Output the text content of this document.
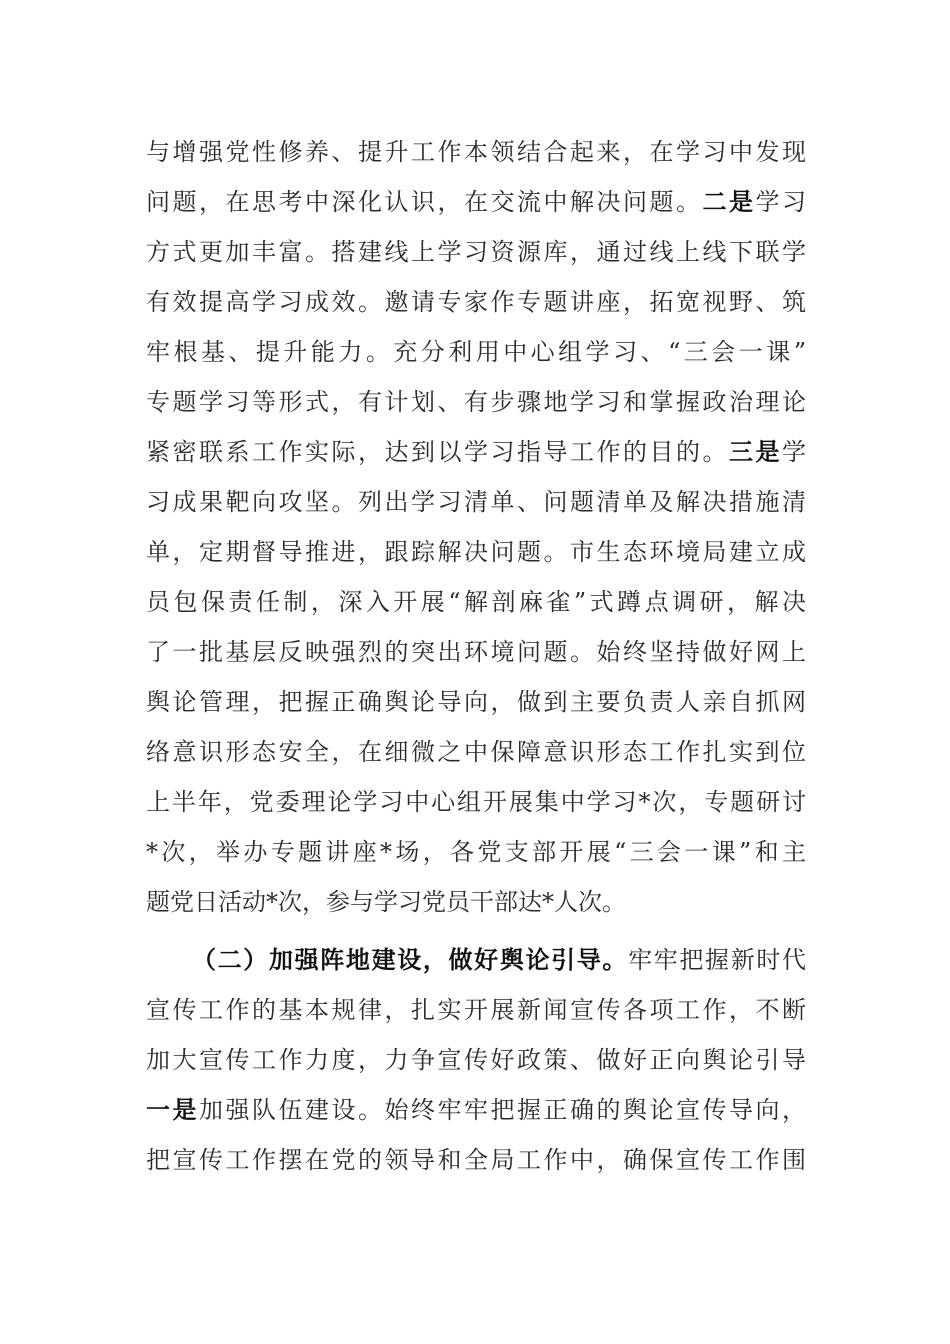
与增强党性修养、提升工作本领结合起来，在学习中发现
问题，在思考中深化认识，在交流中解决问题。二是学习
方式更加丰富。搭建线上学习资源库，通过线上线下联学
有效提高学习成效。邀请专家作专题讲座，拓宽视野、筑
牢根基、提升能力。充分利用中心组学习、“三会一课”
专题学习等形式，有计划、有步骤地学习和掌握政治理论
紧密联系工作实际，达到以学习指导工作的目的。三是学
习成果靶向攻坚。列出学习清单、问题清单及解决措施清
单，定期督导推进，跟踪解决问题。市生态环境局建立成
员包保责任制，深入开展“解剖麻雀”式蹲点调研，解决
了一批基层反映强烈的突出环境问题。始终坚持做好网上
舆论管理，把握正确舆论导向，做到主要负责人亲自抓网
络意识形态安全，在细微之中保障意识形态工作扎实到位
上半年，党委理论学习中心组开展集中学习*次，专题研讨
*次，举办专题讲座*场，各党支部开展“三会一课”和主
题党日活动*次，参与学习党员干部达*人次。
（二）加强阵地建设，做好舆论引导。牢牢把握新时代
宣传工作的基本规律，扎实开展新闻宣传各项工作，不断
加大宣传工作力度，力争宣传好政策、做好正向舆论引导
一是加强队伍建设。始终牢牢把握正确的舆论宣传导向，
把宣传工作摆在党的领导和全局工作中，确保宣传工作围
